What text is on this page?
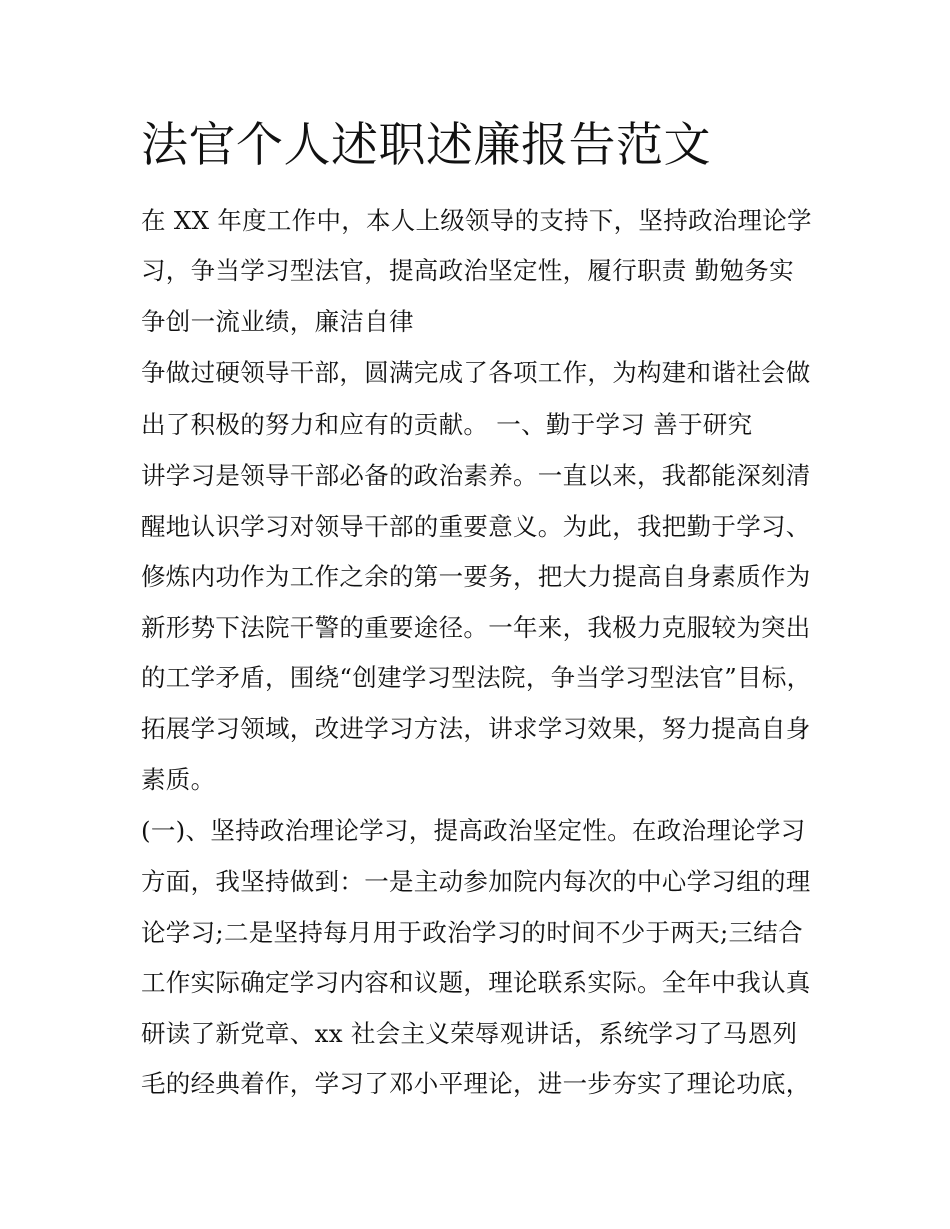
法官个人述职述廉报告范文
在 XX 年度工作中，本人上级领导的支持下，坚持政治理论学
习，争当学习型法官，提高政治坚定性，履行职责 勤勉务实
争创一流业绩，廉洁自律
争做过硬领导干部，圆满完成了各项工作，为构建和谐社会做
出了积极的努力和应有的贡献。 一、勤于学习 善于研究
讲学习是领导干部必备的政治素养。一直以来，我都能深刻清
醒地认识学习对领导干部的重要意义。为此，我把勤于学习、
修炼内功作为工作之余的第一要务，把大力提高自身素质作为
新形势下法院干警的重要途径。一年来，我极力克服较为突出
的工学矛盾，围绕“创建学习型法院，争当学习型法官”目标，
拓展学习领域，改进学习方法，讲求学习效果，努力提高自身
素质。
(一)、坚持政治理论学习，提高政治坚定性。在政治理论学习
方面，我坚持做到：一是主动参加院内每次的中心学习组的理
论学习;二是坚持每月用于政治学习的时间不少于两天;三结合
工作实际确定学习内容和议题，理论联系实际。全年中我认真
研读了新党章、xx 社会主义荣辱观讲话，系统学习了马恩列
毛的经典着作，学习了邓小平理论，进一步夯实了理论功底，
